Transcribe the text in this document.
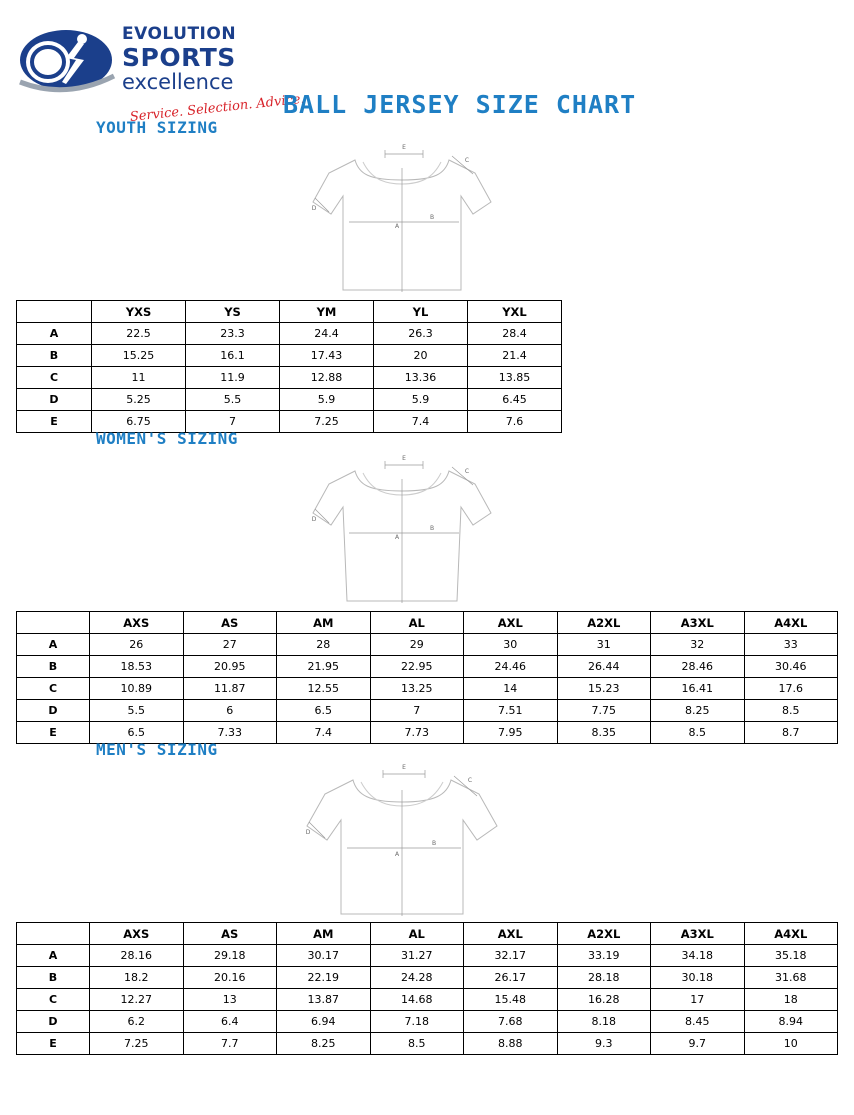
EVOLUTION
SPORTS
excellence
Service. Selection. Advice.
BALL JERSEY SIZE CHART
E
C
A
B
D
YOUTH SIZING
	YXS	YS	YM	YL	YXL
A	22.5	23.3	24.4	26.3	28.4
B	15.25	16.1	17.43	20	21.4
C	11	11.9	12.88	13.36	13.85
D	5.25	5.5	5.9	5.9	6.45
E	6.75	7	7.25	7.4	7.6
E
C
A
B
D
WOMEN'S SIZING
	AXS	AS	AM	AL	AXL	A2XL	A3XL	A4XL
A	26	27	28	29	30	31	32	33
B	18.53	20.95	21.95	22.95	24.46	26.44	28.46	30.46
C	10.89	11.87	12.55	13.25	14	15.23	16.41	17.6
D	5.5	6	6.5	7	7.51	7.75	8.25	8.5
E	6.5	7.33	7.4	7.73	7.95	8.35	8.5	8.7
E
C
A
B
D
MEN'S SIZING
	AXS	AS	AM	AL	AXL	A2XL	A3XL	A4XL
A	28.16	29.18	30.17	31.27	32.17	33.19	34.18	35.18
B	18.2	20.16	22.19	24.28	26.17	28.18	30.18	31.68
C	12.27	13	13.87	14.68	15.48	16.28	17	18
D	6.2	6.4	6.94	7.18	7.68	8.18	8.45	8.94
E	7.25	7.7	8.25	8.5	8.88	9.3	9.7	10
